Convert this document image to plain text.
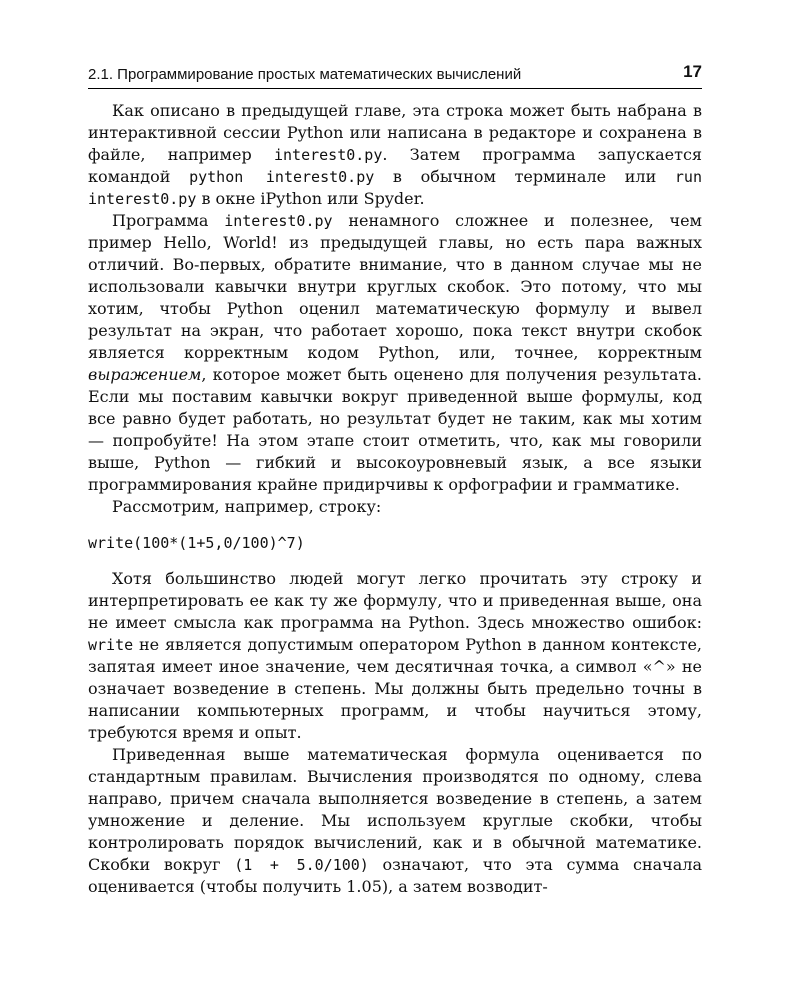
2.1. Программирование простых математических вычислений	17

Как описано в предыдущей главе, эта строка может быть набрана в интерактивной сессии Python или написана в редакторе и сохранена в файле, например interest0.py. Затем программа запускается командой python interest0.py в обычном терминале или run interest0.py в окне iPython или Spyder.

Программа interest0.py ненамного сложнее и полезнее, чем пример Hello, World! из предыдущей главы, но есть пара важных отличий. Во-первых, обратите внимание, что в данном случае мы не использовали кавычки внутри круглых скобок. Это потому, что мы хотим, чтобы Python оценил математическую формулу и вывел результат на экран, что работает хорошо, пока текст внутри скобок является корректным кодом Python, или, точнее, корректным выражением, которое может быть оценено для получения результата. Если мы поставим кавычки вокруг приведенной выше формулы, код все равно будет работать, но результат будет не таким, как мы хотим — попробуйте! На этом этапе стоит отметить, что, как мы говорили выше, Python — гибкий и высокоуровневый язык, а все языки программирования крайне придирчивы к орфографии и грамматике.

Рассмотрим, например, строку:

write(100*(1+5,0/100)^7)

Хотя большинство людей могут легко прочитать эту строку и интерпретировать ее как ту же формулу, что и приведенная выше, она не имеет смысла как программа на Python. Здесь множество ошибок: write не является допустимым оператором Python в данном контексте, запятая имеет иное значение, чем десятичная точка, а символ «^» не означает возведение в степень. Мы должны быть предельно точны в написании компьютерных программ, и чтобы научиться этому, требуются время и опыт.

Приведенная выше математическая формула оценивается по стандартным правилам. Вычисления производятся по одному, слева направо, причем сначала выполняется возведение в степень, а затем умножение и деление. Мы используем круглые скобки, чтобы контролировать порядок вычислений, как и в обычной математике. Скобки вокруг (1 + 5.0/100) означают, что эта сумма сначала оценивается (чтобы получить 1.05), а затем возводит-
